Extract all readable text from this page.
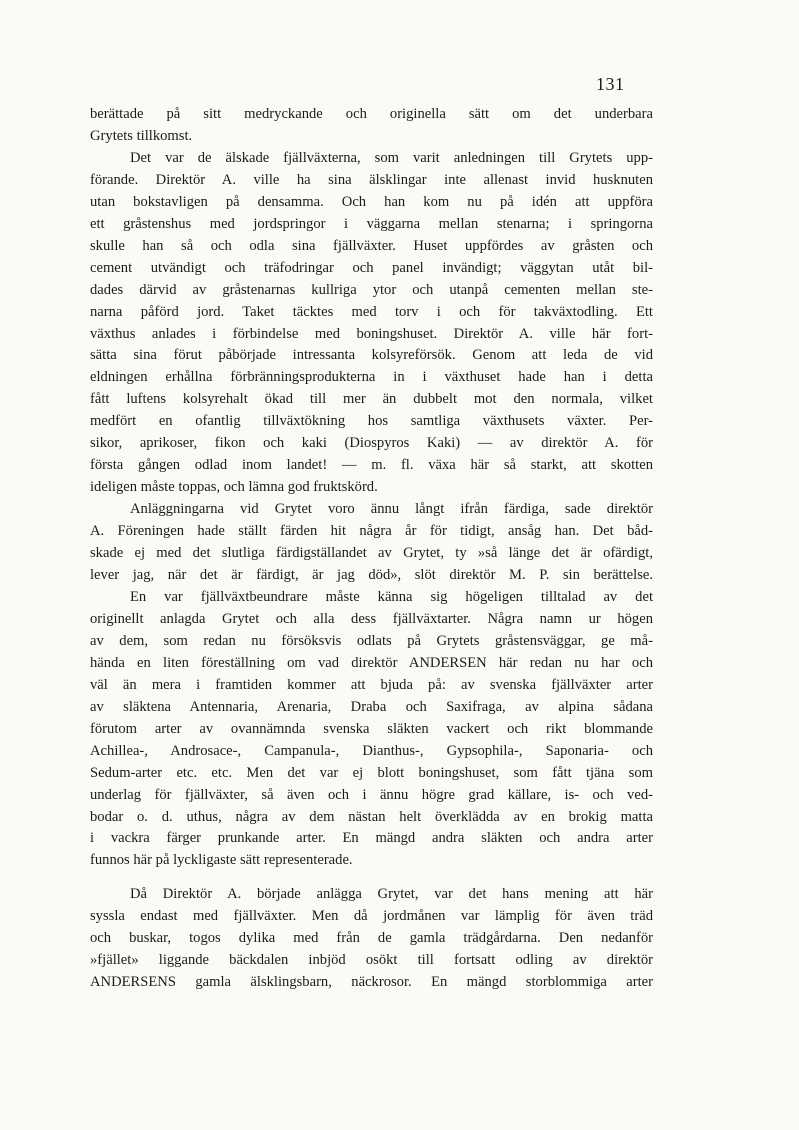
131
berättade på sitt medryckande och originella sätt om det underbara
Grytets tillkomst.
Det var de älskade fjällväxterna, som varit anledningen till Grytets upp-
förande. Direktör A. ville ha sina älsklingar inte allenast invid husknuten
utan bokstavligen på densamma. Och han kom nu på idén att uppföra
ett gråstenshus med jordspringor i väggarna mellan stenarna; i springorna
skulle han så och odla sina fjällväxter. Huset uppfördes av gråsten och
cement utvändigt och träfodringar och panel invändigt; väggytan utåt bil-
dades därvid av gråstenarnas kullriga ytor och utanpå cementen mellan ste-
narna påförd jord. Taket täcktes med torv i och för takväxtodling. Ett
växthus anlades i förbindelse med boningshuset. Direktör A. ville här fort-
sätta sina förut påbörjade intressanta kolsyreförsök. Genom att leda de vid
eldningen erhållna förbränningsprodukterna in i växthuset hade han i detta
fått luftens kolsyrehalt ökad till mer än dubbelt mot den normala, vilket
medfört en ofantlig tillväxtökning hos samtliga växthusets växter. Per-
sikor, aprikoser, fikon och kaki (Diospyros Kaki) — av direktör A. för
första gången odlad inom landet! — m. fl. växa här så starkt, att skotten
ideligen måste toppas, och lämna god fruktskörd.
Anläggningarna vid Grytet voro ännu långt ifrån färdiga, sade direktör
A. Föreningen hade ställt färden hit några år för tidigt, ansåg han. Det båd-
skade ej med det slutliga färdigställandet av Grytet, ty »så länge det är ofärdigt,
lever jag, när det är färdigt, är jag död», slöt direktör M. P. sin berättelse.
En var fjällväxtbeundrare måste känna sig högeligen tilltalad av det
originellt anlagda Grytet och alla dess fjällväxtarter. Några namn ur högen
av dem, som redan nu försöksvis odlats på Grytets gråstensväggar, ge må-
hända en liten föreställning om vad direktör ANDERSEN här redan nu har och
väl än mera i framtiden kommer att bjuda på: av svenska fjällväxter arter
av släktena Antennaria, Arenaria, Draba och Saxifraga, av alpina sådana
förutom arter av ovannämnda svenska släkten vackert och rikt blommande
Achillea-, Androsace-, Campanula-, Dianthus-, Gypsophila-, Saponaria- och
Sedum-arter etc. etc. Men det var ej blott boningshuset, som fått tjäna som
underlag för fjällväxter, så även och i ännu högre grad källare, is- och ved-
bodar o. d. uthus, några av dem nästan helt överklädda av en brokig matta
i vackra färger prunkande arter. En mängd andra släkten och andra arter
funnos här på lyckligaste sätt representerade.
Då Direktör A. började anlägga Grytet, var det hans mening att här
syssla endast med fjällväxter. Men då jordmånen var lämplig för även träd
och buskar, togos dylika med från de gamla trädgårdarna. Den nedanför
»fjället» liggande bäckdalen inbjöd osökt till fortsatt odling av direktör
ANDERSENS gamla älsklingsbarn, näckrosor. En mängd storblommiga arter
